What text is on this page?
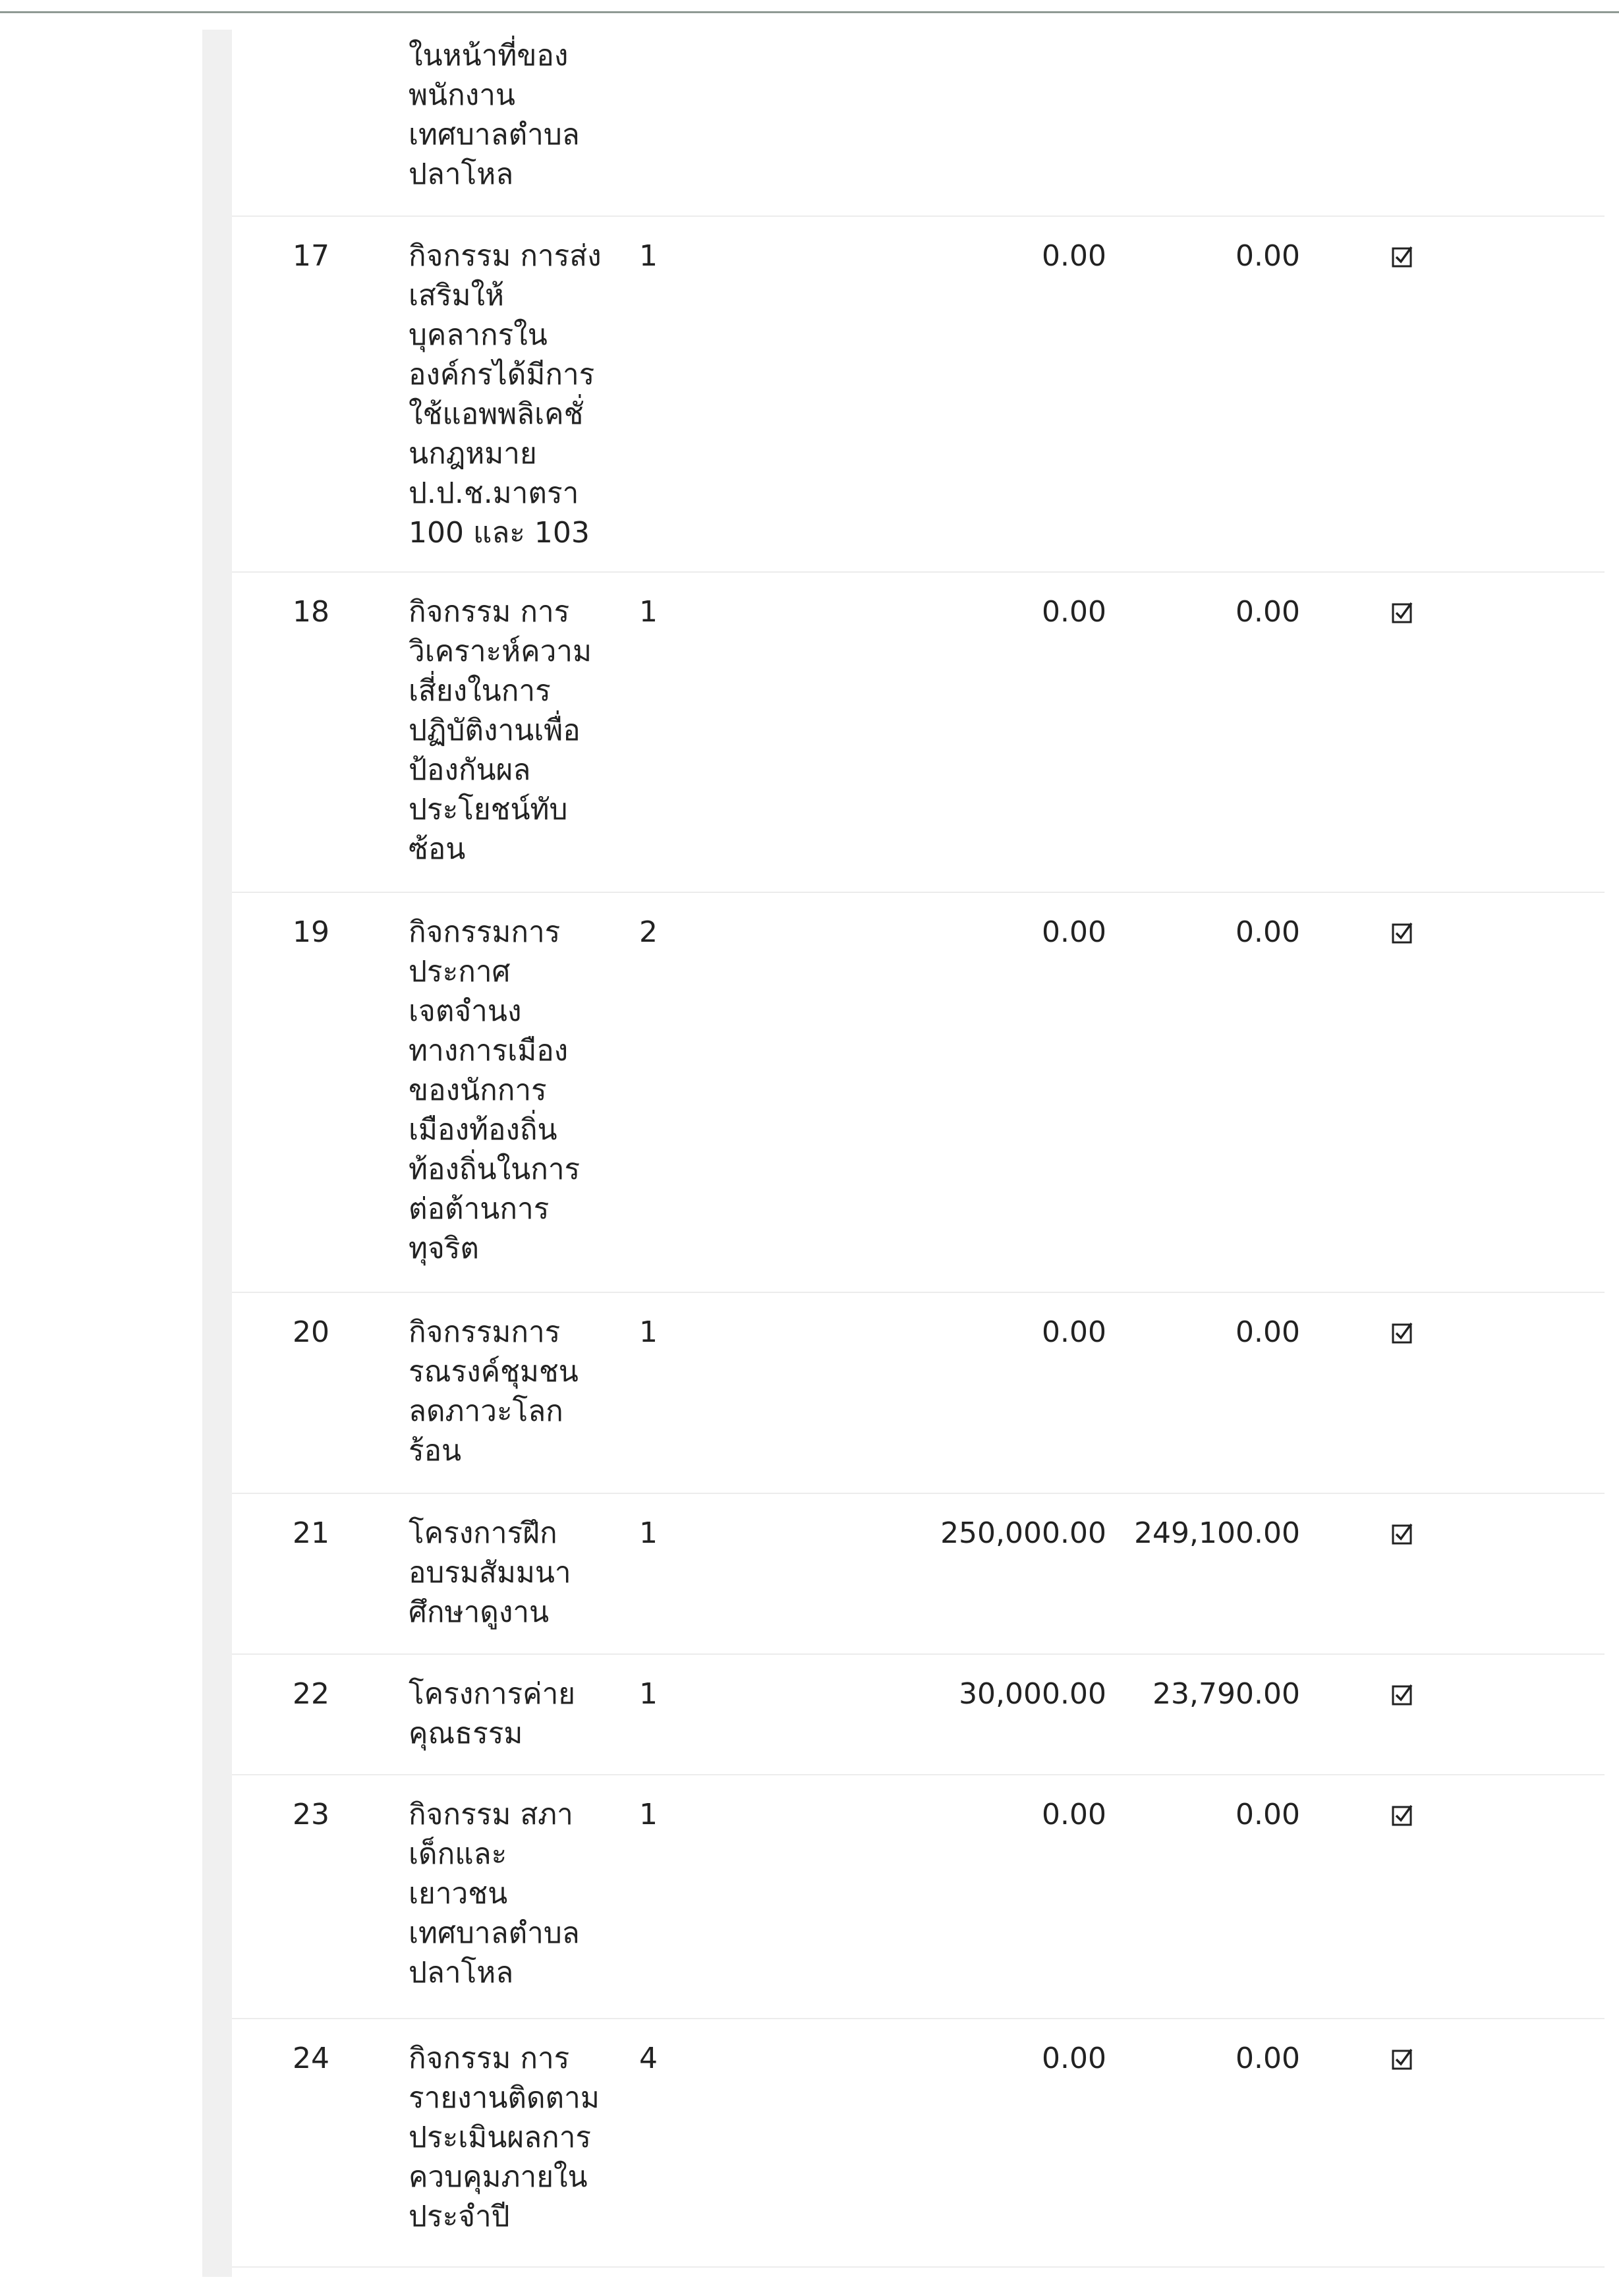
ในหน้าที่ของ
พนักงาน
เทศบาลตำบล
ปลาโหล
17	กิจกรรม การส่ง
เสริมให้
บุคลากรใน
องค์กรได้มีการ
ใช้แอพพลิเคชั่
นกฎหมาย
ป.ป.ช.มาตรา
100 และ 103
1	0.00	0.00
18	กิจกรรม การ
วิเคราะห์ความ
เสี่ยงในการ
ปฏิบัติงานเพื่อ
ป้องกันผล
ประโยชน์ทับ
ซ้อน
1	0.00	0.00
19	กิจกรรมการ
ประกาศ
เจตจำนง
ทางการเมือง
ของนักการ
เมืองท้องถิ่น
ท้องถิ่นในการ
ต่อต้านการ
ทุจริต
2	0.00	0.00
20	กิจกรรมการ
รณรงค์ชุมชน
ลดภาวะโลก
ร้อน
1	0.00	0.00
21	โครงการฝึก
อบรมสัมมนา
ศึกษาดูงาน
1	250,000.00 249,100.00
22	โครงการค่าย
คุณธรรม
1	30,000.00	23,790.00
23	กิจกรรม สภา
เด็กและ
เยาวชน
เทศบาลตำบล
ปลาโหล
1	0.00	0.00
24	กิจกรรม การ
รายงานติดตาม
ประเมินผลการ
ควบคุมภายใน
ประจำปี
4	0.00	0.00
